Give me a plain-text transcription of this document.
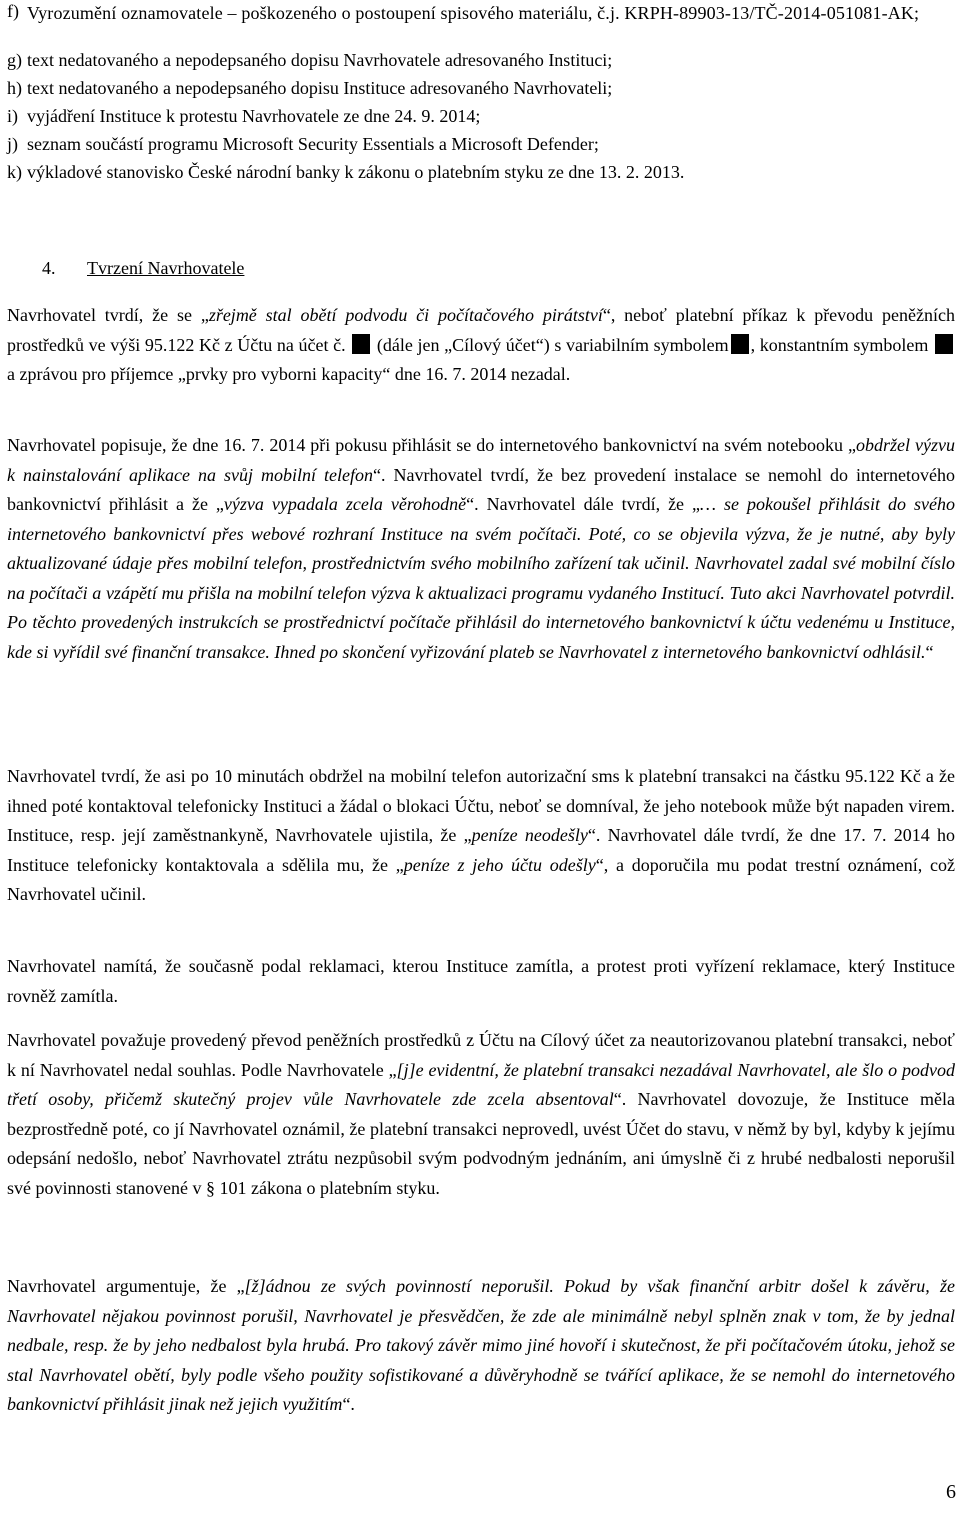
f) Vyrozumění oznamovatele – poškozeného o postoupení spisového materiálu, č.j. KRPH-89903-13/TČ-2014-051081-AK;
g) text nedatovaného a nepodepsaného dopisu Navrhovatele adresovaného Instituci;
h) text nedatovaného a nepodepsaného dopisu Instituce adresovaného Navrhovateli;
i) vyjádření Instituce k protestu Navrhovatele ze dne 24. 9. 2014;
j) seznam součástí programu Microsoft Security Essentials a Microsoft Defender;
k) výkladové stanovisko České národní banky k zákonu o platebním styku ze dne 13. 2. 2013.
4. Tvrzení Navrhovatele

Navrhovatel tvrdí, že se „zřejmě stal obětí podvodu či počítačového pirátství“, neboť platební příkaz k převodu peněžních prostředků ve výši 95.122 Kč z Účtu na účet č. (dále jen „Cílový účet“) s variabilním symbolem , konstantním symbolem  a zprávou pro příjemce „prvky pro vyborni kapacity“ dne 16. 7. 2014 nezadal.

Navrhovatel popisuje, že dne 16. 7. 2014 při pokusu přihlásit se do internetového bankovnictví na svém notebooku „obdržel výzvu k nainstalování aplikace na svůj mobilní telefon“. Navrhovatel tvrdí, že bez provedení instalace se nemohl do internetového bankovnictví přihlásit a že „výzva vypadala zcela věrohodně“. Navrhovatel dále tvrdí, že „… se pokoušel přihlásit do svého internetového bankovnictví přes webové rozhraní Instituce na svém počítači. Poté, co se objevila výzva, že je nutné, aby byly aktualizované údaje přes mobilní telefon, prostřednictvím svého mobilního zařízení tak učinil. Navrhovatel zadal své mobilní číslo na počítači a vzápětí mu přišla na mobilní telefon výzva k aktualizaci programu vydaného Institucí. Tuto akci Navrhovatel potvrdil. Po těchto provedených instrukcích se prostřednictví počítače přihlásil do internetového bankovnictví k účtu vedenému u Instituce, kde si vyřídil své finanční transakce. Ihned po skončení vyřizování plateb se Navrhovatel z internetového bankovnictví odhlásil.“

Navrhovatel tvrdí, že asi po 10 minutách obdržel na mobilní telefon autorizační sms k platební transakci na částku 95.122 Kč a že ihned poté kontaktoval telefonicky Instituci a žádal o blokaci Účtu, neboť se domníval, že jeho notebook může být napaden virem. Instituce, resp. její zaměstnankyně, Navrhovatele ujistila, že „peníze neodešly“. Navrhovatel dále tvrdí, že dne 17. 7. 2014 ho Instituce telefonicky kontaktovala a sdělila mu, že „peníze z jeho účtu odešly“, a doporučila mu podat trestní oznámení, což Navrhovatel učinil.

Navrhovatel namítá, že současně podal reklamaci, kterou Instituce zamítla, a protest proti vyřízení reklamace, který Instituce rovněž zamítla.

Navrhovatel považuje provedený převod peněžních prostředků z Účtu na Cílový účet za neautorizovanou platební transakci, neboť k ní Navrhovatel nedal souhlas. Podle Navrhovatele „[j]e evidentní, že platební transakci nezadával Navrhovatel, ale šlo o podvod třetí osoby, přičemž skutečný projev vůle Navrhovatele zde zcela absentoval“. Navrhovatel dovozuje, že Instituce měla bezprostředně poté, co jí Navrhovatel oznámil, že platební transakci neprovedl, uvést Účet do stavu, v němž by byl, kdyby k jejímu odepsání nedošlo, neboť Navrhovatel ztrátu nezpůsobil svým podvodným jednáním, ani úmyslně či z hrubé nedbalosti neporušil své povinnosti stanovené v § 101 zákona o platebním styku.

Navrhovatel argumentuje, že „[ž]ádnou ze svých povinností neporušil. Pokud by však finanční arbitr došel k závěru, že Navrhovatel nějakou povinnost porušil, Navrhovatel je přesvědčen, že zde ale minimálně nebyl splněn znak v tom, že by jednal nedbale, resp. že by jeho nedbalost byla hrubá. Pro takový závěr mimo jiné hovoří i skutečnost, že při počítačovém útoku, jehož se stal Navrhovatel obětí, byly podle všeho použity sofistikované a důvěryhodně se tvářící aplikace, že se nemohl do internetového bankovnictví přihlásit jinak než jejich využitím“.

6
